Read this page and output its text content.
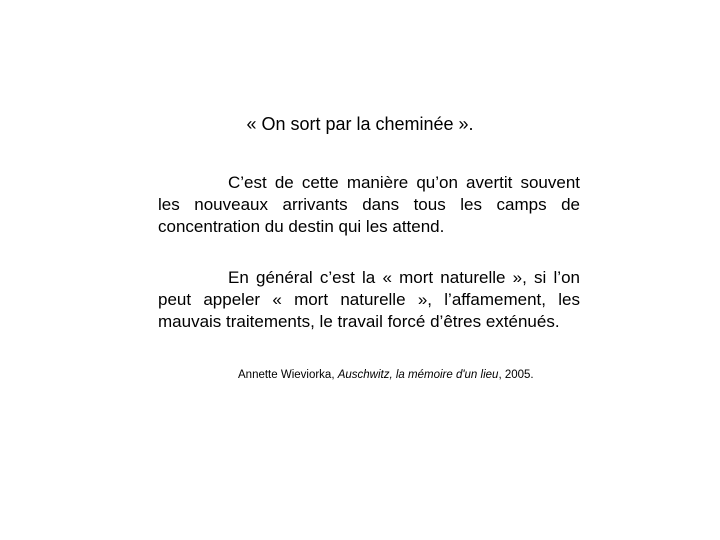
« On sort par la cheminée ».

C’est de cette manière qu’on avertit souvent les nouveaux arrivants dans tous les camps de concentration du destin qui les attend.

En général c’est la « mort naturelle », si l’on peut appeler « mort naturelle », l’affamement, les mauvais traitements, le travail forcé d’êtres exténués.

Annette Wieviorka, Auschwitz, la mémoire d'un lieu, 2005.
